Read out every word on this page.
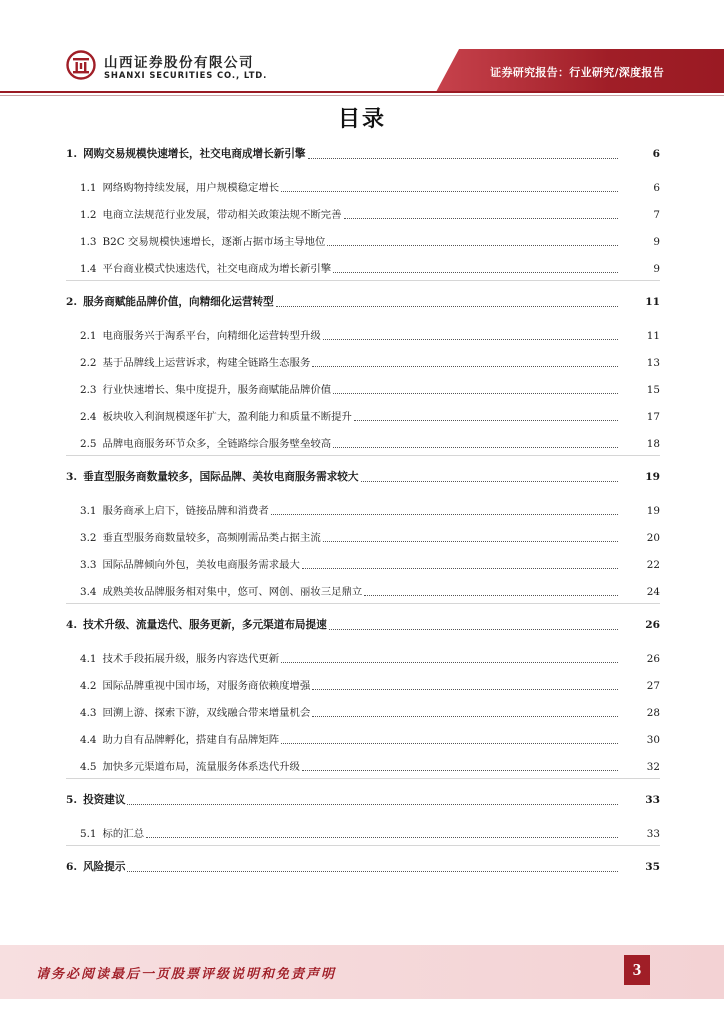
山西证券股份有限公司
SHANXI SECURITIES CO., LTD.	证券研究报告：行业研究/深度报告
目录
1. 网购交易规模快速增长，社交电商成增长新引擎	6
1.1 网络购物持续发展，用户规模稳定增长	6
1.2 电商立法规范行业发展，带动相关政策法规不断完善	7
1.3 B2C 交易规模快速增长，逐渐占据市场主导地位	9
1.4 平台商业模式快速迭代，社交电商成为增长新引擎	9
2. 服务商赋能品牌价值，向精细化运营转型	11
2.1 电商服务兴于淘系平台，向精细化运营转型升级	11
2.2 基于品牌线上运营诉求，构建全链路生态服务	13
2.3 行业快速增长、集中度提升，服务商赋能品牌价值	15
2.4 板块收入利润规模逐年扩大，盈利能力和质量不断提升	17
2.5 品牌电商服务环节众多，全链路综合服务壁垒较高	18
3. 垂直型服务商数量较多，国际品牌、美妆电商服务需求较大	19
3.1 服务商承上启下，链接品牌和消费者	19
3.2 垂直型服务商数量较多，高频刚需品类占据主流	20
3.3 国际品牌倾向外包，美妆电商服务需求最大	22
3.4 成熟美妆品牌服务相对集中，悠可、网创、丽妆三足鼎立	24
4. 技术升级、流量迭代、服务更新，多元渠道布局提速	26
4.1 技术手段拓展升级，服务内容迭代更新	26
4.2 国际品牌重视中国市场，对服务商依赖度增强	27
4.3 回溯上游、探索下游，双线融合带来增量机会	28
4.4 助力自有品牌孵化，搭建自有品牌矩阵	30
4.5 加快多元渠道布局，流量服务体系迭代升级	32
5. 投资建议	33
5.1 标的汇总	33
6. 风险提示	35
请务必阅读最后一页股票评级说明和免责声明	3
